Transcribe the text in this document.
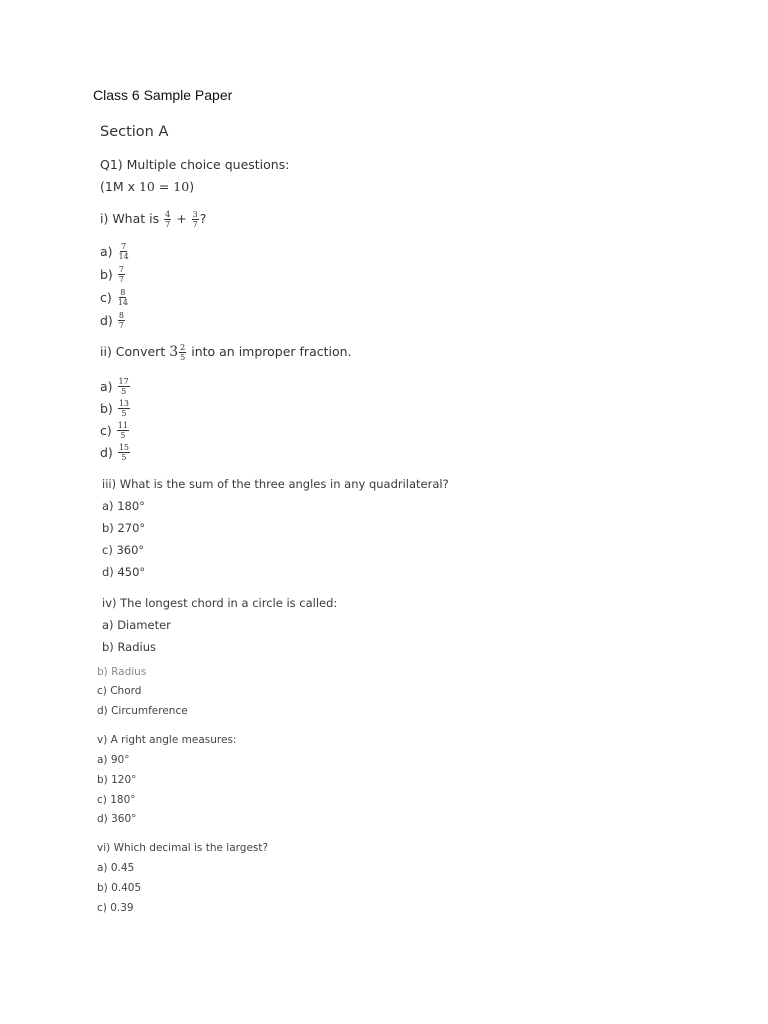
Class 6 Sample Paper
Section A
Q1) Multiple choice questions:
(1M x 10 = 10)
i) What is $\frac{4}{7} + \frac{3}{7}$ ?
$a) \frac{7}{14}$
$b) \frac{7}{7}$
$c) \frac{8}{14}$
$d) \frac{8}{7}$
ii) Convert $3 \frac{2}{5}$ into an improper fraction.
$a) \frac{17}{5}$
$b) \frac{13}{5}$
$c) \frac{11}{5}$
$d) \frac{15}{5}$
iii) What is the sum of the three angles in any quadrilateral?
a) 180°
b) 270°
c) 360°
d) 450°
iv) The longest chord in a circle is called:
a) Diameter
b) Radius
b) Radius
c) Chord
d) Circumference
v) A right angle measures:
a) 90°
b) 120°
c) 180°
d) 360°
vi) Which decimal is the largest?
a) 0.45
b) 0.405
c) 0.39
